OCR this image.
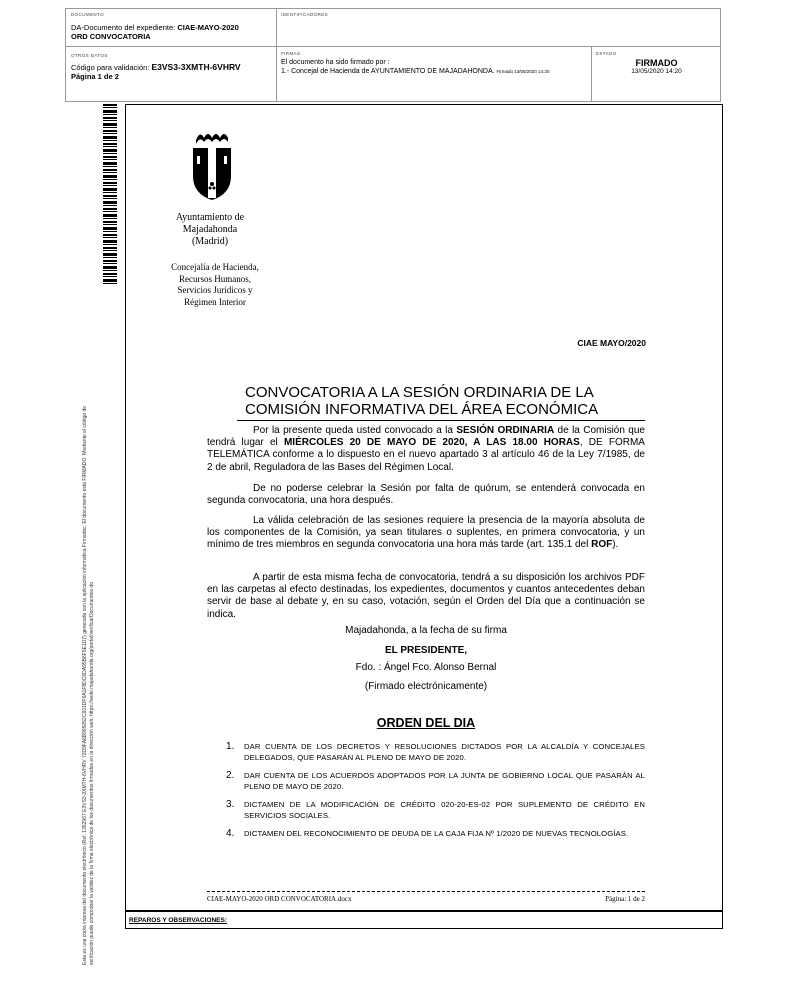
DOCUMENTO
DA-Documento del expediente: CIAE-MAYO-2020
ORD CONVOCATORIA
IDENTIFICADORES
OTROS DATOS
Código para validación: E3VS3-3XMTH-6VHRV
Página 1 de 2
FIRMAS
El documento ha sido firmado por :
1.- Concejal de Hacienda de AYUNTAMIENTO DE MAJADAHONDA. Firmado 13/05/2020 14:20
ESTADO
FIRMADO
13/05/2020 14:20
Esta es una copia impresa del documento electrónico (Ref: 1352967 E3VS3-3XMTH-6VHRV 72D9FA6B995052C601DF6A1F8DC6DA95B6F5E1D7) generada con la aplicación informática Firmadoc. El documento está FIRMADO. Mediante el código de verificación puede comprobar la validez de la firma electrónica de los documentos firmados en la dirección web: https://sede.majadahonda.org/portal/verificarDocumentos.do
Ayuntamiento de
Majadahonda
(Madrid)
Concejalía de Hacienda,
Recursos Humanos,
Servicios Jurídicos y
Régimen Interior
CIAE MAYO/2020
CONVOCATORIA A LA SESIÓN ORDINARIA DE LA
COMISIÓN INFORMATIVA DEL ÁREA ECONÓMICA
Por la presente queda usted convocado a la SESIÓN ORDINARIA de la Comisión que tendrá lugar el MIÉRCOLES 20 DE MAYO DE 2020, A LAS 18.00 HORAS, DE FORMA TELEMÁTICA conforme a lo dispuesto en el nuevo apartado 3 al artículo 46 de la Ley 7/1985, de 2 de abril, Reguladora de las Bases del Régimen Local.
De no poderse celebrar la Sesión por falta de quórum, se entenderá convocada en segunda convocatoria, una hora después.
La válida celebración de las sesiones requiere la presencia de la mayoría absoluta de los componentes de la Comisión, ya sean titulares o suplentes, en primera convocatoria, y un mínimo de tres miembros en segunda convocatoria una hora más tarde (art. 135.1 del ROF).
A partir de esta misma fecha de convocatoria, tendrá a su disposición los archivos PDF en las carpetas al efecto destinadas, los expedientes, documentos y cuantos antecedentes deban servir de base al debate y, en su caso, votación, según el Orden del Día que a continuación se indica.
Majadahonda, a la fecha de su firma
EL PRESIDENTE,
Fdo. : Ángel Fco. Alonso Bernal
(Firmado electrónicamente)
ORDEN DEL DIA
1. DAR CUENTA DE LOS DECRETOS Y RESOLUCIONES DICTADOS POR LA ALCALDÍA Y CONCEJALES DELEGADOS, QUE PASARÁN AL PLENO DE MAYO DE 2020.
2. DAR CUENTA DE LOS ACUERDOS ADOPTADOS POR LA JUNTA DE GOBIERNO LOCAL QUE PASARÁN AL PLENO DE MAYO DE 2020.
3. DICTAMEN DE LA MODIFICACIÓN DE CRÉDITO 020-20-ES-02 POR SUPLEMENTO DE CRÉDITO EN SERVICIOS SOCIALES.
4. DICTAMEN DEL RECONOCIMIENTO DE DEUDA DE LA CAJA FIJA Nº 1/2020 DE NUEVAS TECNOLOGÍAS.
CIAE-MAYO-2020 ORD CONVOCATORIA.docx	Página: 1 de 2
REPAROS Y OBSERVACIONES:
